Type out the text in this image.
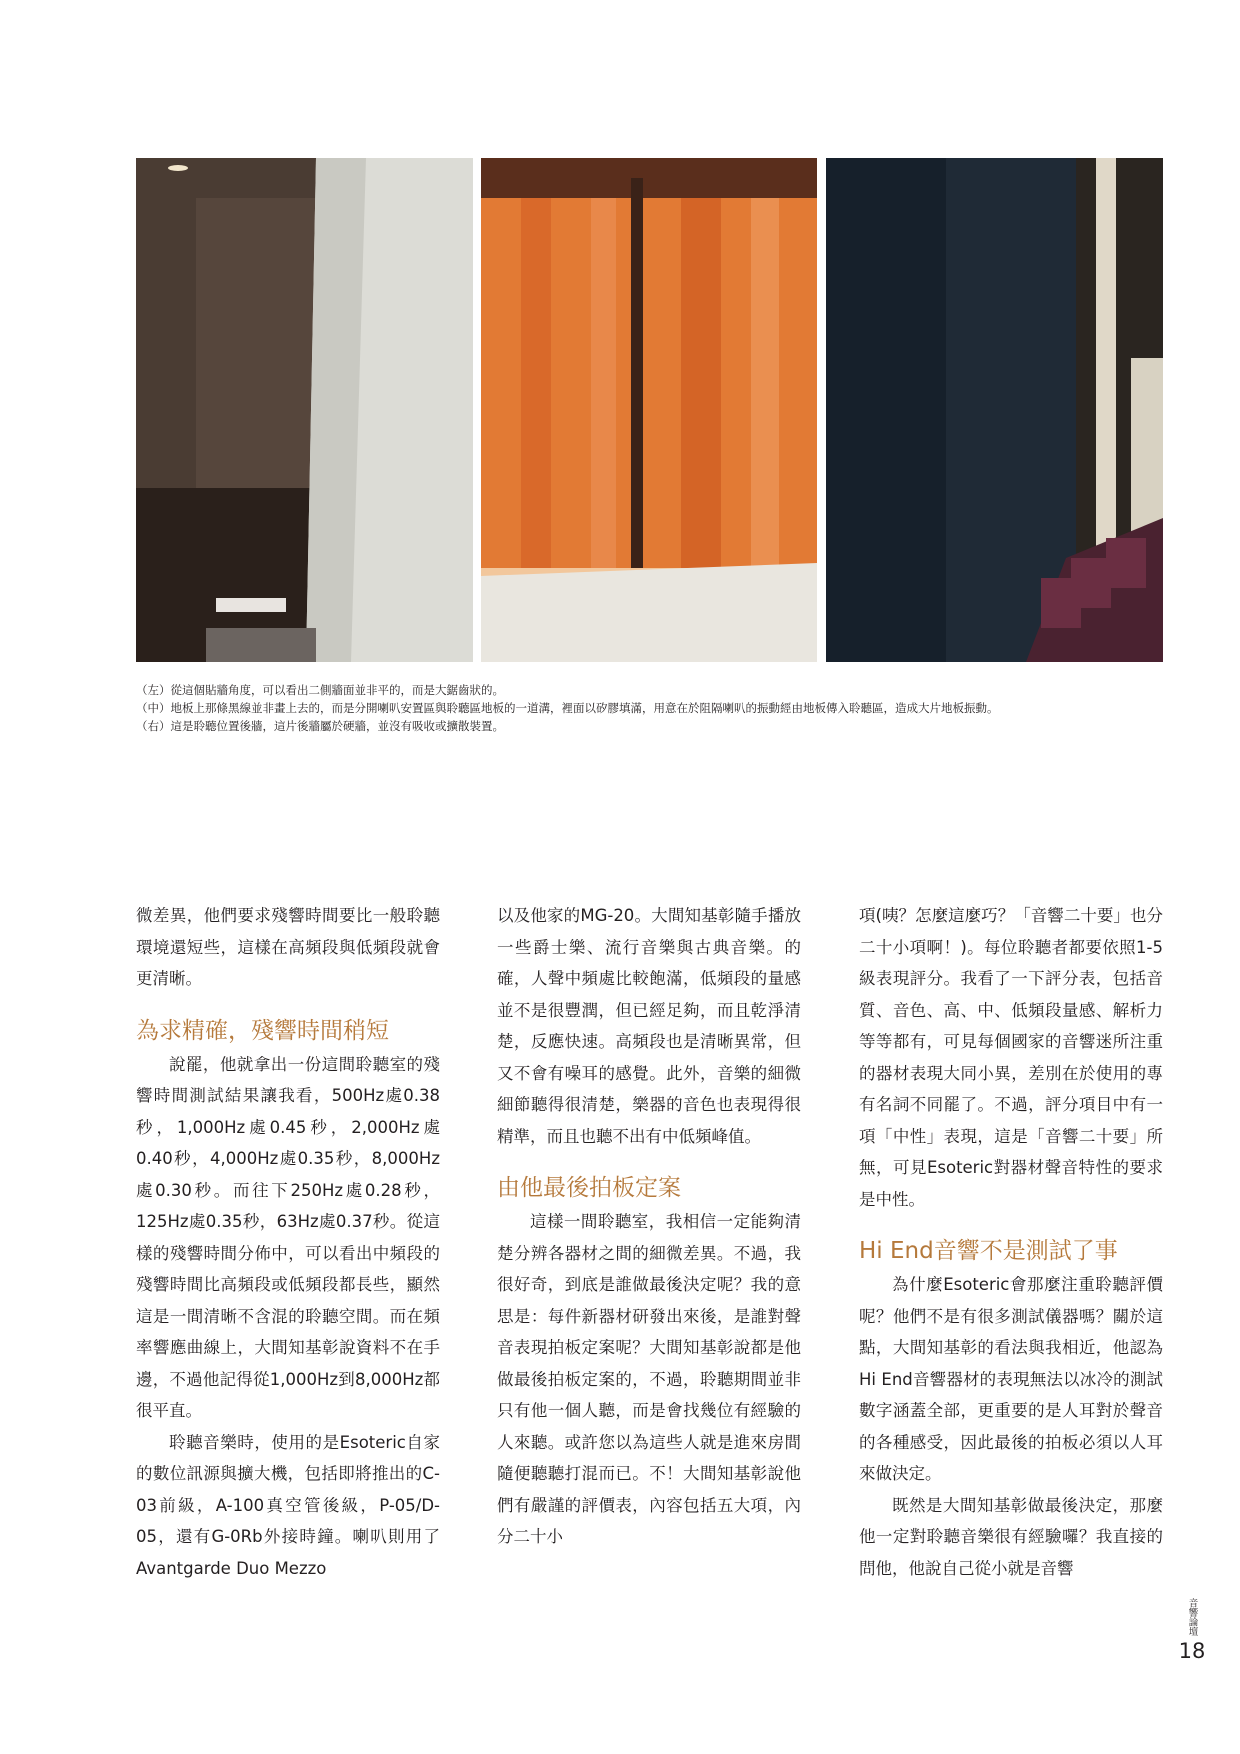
（左）從這個貼牆角度，可以看出二側牆面並非平的，而是大鋸齒狀的。
（中）地板上那條黑線並非畫上去的，而是分開喇叭安置區與聆聽區地板的一道溝，裡面以矽膠填滿，用意在於阻隔喇叭的振動經由地板傳入聆聽區，造成大片地板振動。
（右）這是聆聽位置後牆，這片後牆屬於硬牆，並沒有吸收或擴散裝置。

微差異，他們要求殘響時間要比一般聆聽環境還短些，這樣在高頻段與低頻段就會更清晰。

為求精確，殘響時間稍短

說罷，他就拿出一份這間聆聽室的殘響時間測試結果讓我看，500Hz處0.38秒，1,000Hz處0.45秒，2,000Hz處0.40秒，4,000Hz處0.35秒，8,000Hz處0.30秒。而往下250Hz處0.28秒，125Hz處0.35秒，63Hz處0.37秒。從這樣的殘響時間分佈中，可以看出中頻段的殘響時間比高頻段或低頻段都長些，顯然這是一間清晰不含混的聆聽空間。而在頻率響應曲線上，大間知基彰說資料不在手邊，不過他記得從1,000Hz到8,000Hz都很平直。

聆聽音樂時，使用的是Esoteric自家的數位訊源與擴大機，包括即將推出的C-03前級，A-100真空管後級，P-05/D-05，還有G-0Rb外接時鐘。喇叭則用了Avantgarde Duo Mezzo

以及他家的MG-20。大間知基彰隨手播放一些爵士樂、流行音樂與古典音樂。的確，人聲中頻處比較飽滿，低頻段的量感並不是很豐潤，但已經足夠，而且乾淨清楚，反應快速。高頻段也是清晰異常，但又不會有噪耳的感覺。此外，音樂的細微細節聽得很清楚，樂器的音色也表現得很精準，而且也聽不出有中低頻峰值。

由他最後拍板定案

這樣一間聆聽室，我相信一定能夠清楚分辨各器材之間的細微差異。不過，我很好奇，到底是誰做最後決定呢？我的意思是：每件新器材研發出來後，是誰對聲音表現拍板定案呢？大間知基彰說都是他做最後拍板定案的，不過，聆聽期間並非只有他一個人聽，而是會找幾位有經驗的人來聽。或許您以為這些人就是進來房間隨便聽聽打混而已。不！大間知基彰說他們有嚴謹的評價表，內容包括五大項，內分二十小

項(咦？怎麼這麼巧？「音響二十要」也分二十小項啊！)。每位聆聽者都要依照1-5級表現評分。我看了一下評分表，包括音質、音色、高、中、低頻段量感、解析力等等都有，可見每個國家的音響迷所注重的器材表現大同小異，差別在於使用的專有名詞不同罷了。不過，評分項目中有一項「中性」表現，這是「音響二十要」所無，可見Esoteric對器材聲音特性的要求是中性。

Hi End音響不是測試了事

為什麼Esoteric會那麼注重聆聽評價呢？他們不是有很多測試儀器嗎？關於這點，大間知基彰的看法與我相近，他認為Hi End音響器材的表現無法以冰冷的測試數字涵蓋全部，更重要的是人耳對於聲音的各種感受，因此最後的拍板必須以人耳來做決定。

既然是大間知基彰做最後決定，那麼他一定對聆聽音樂很有經驗囉？我直接的問他，他說自己從小就是音響

音響論壇
18
